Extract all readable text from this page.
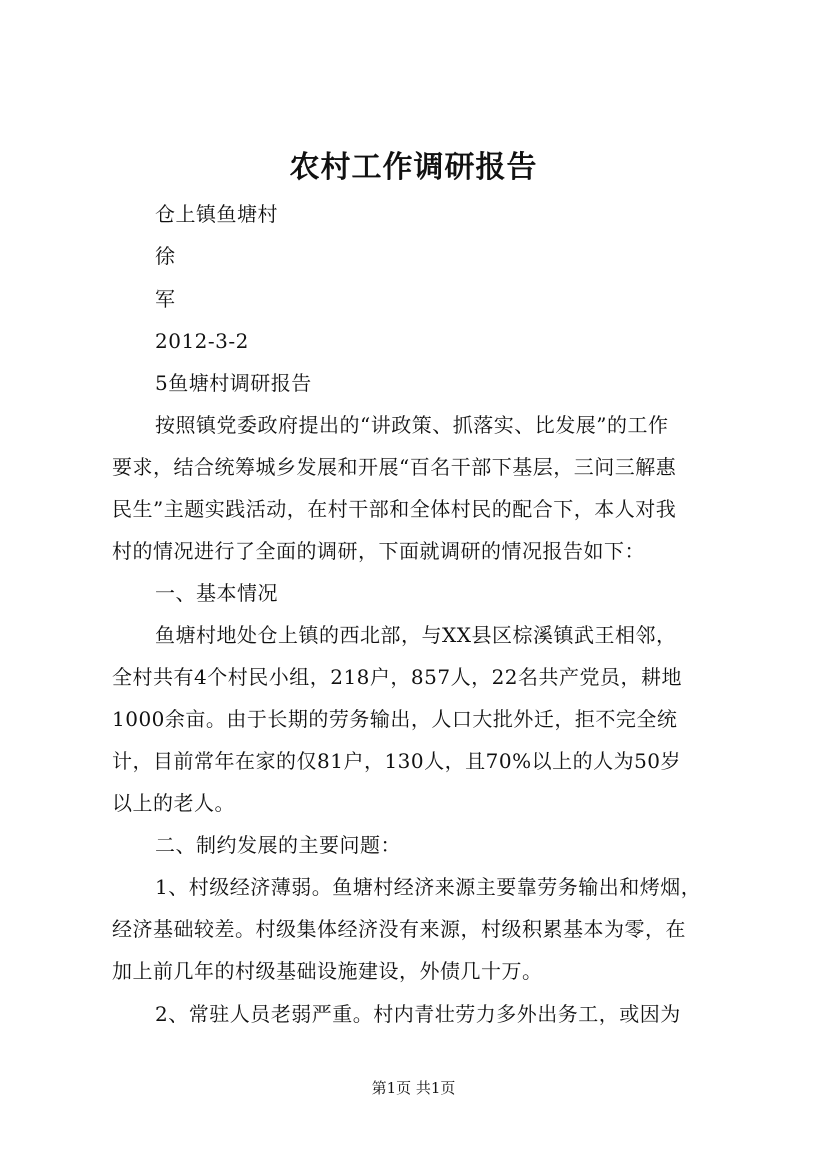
农村工作调研报告
仓上镇鱼塘村
徐
军
2012-3-2
5鱼塘村调研报告
按照镇党委政府提出的“讲政策、抓落实、比发展”的工作
要求，结合统筹城乡发展和开展“百名干部下基层，三问三解惠
民生”主题实践活动，在村干部和全体村民的配合下，本人对我
村的情况进行了全面的调研，下面就调研的情况报告如下：
一、基本情况
鱼塘村地处仓上镇的西北部，与XX县区棕溪镇武王相邻，
全村共有4个村民小组，218户，857人，22名共产党员，耕地
1000余亩。由于长期的劳务输出，人口大批外迁，拒不完全统
计，目前常年在家的仅81户，130人，且70%以上的人为50岁
以上的老人。
二、制约发展的主要问题：
1、村级经济薄弱。鱼塘村经济来源主要靠劳务输出和烤烟，
经济基础较差。村级集体经济没有来源，村级积累基本为零，在
加上前几年的村级基础设施建设，外债几十万。
2、常驻人员老弱严重。村内青壮劳力多外出务工，或因为
第1页 共1页
